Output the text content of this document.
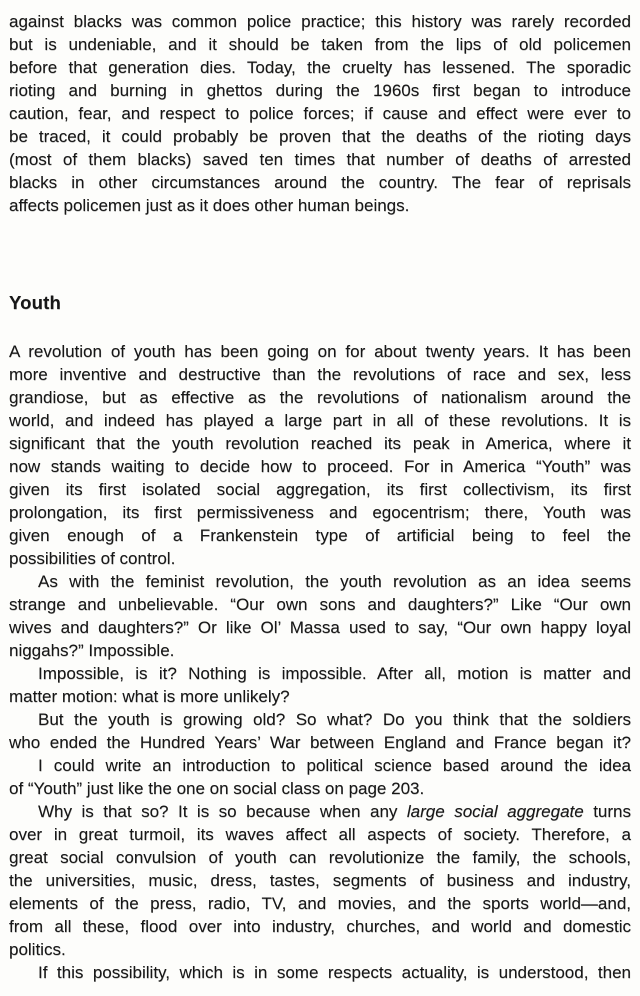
against blacks was common police practice; this history was rarely recorded
but is undeniable, and it should be taken from the lips of old policemen
before that generation dies. Today, the cruelty has lessened. The sporadic
rioting and burning in ghettos during the 1960s first began to introduce
caution, fear, and respect to police forces; if cause and effect were ever to
be traced, it could probably be proven that the deaths of the rioting days
(most of them blacks) saved ten times that number of deaths of arrested
blacks in other circumstances around the country. The fear of reprisals
affects policemen just as it does other human beings.
Youth
A revolution of youth has been going on for about twenty years. It has been
more inventive and destructive than the revolutions of race and sex, less
grandiose, but as effective as the revolutions of nationalism around the
world, and indeed has played a large part in all of these revolutions. It is
significant that the youth revolution reached its peak in America, where it
now stands waiting to decide how to proceed. For in America “Youth” was
given its first isolated social aggregation, its first collectivism, its first
prolongation, its first permissiveness and egocentrism; there, Youth was
given enough of a Frankenstein type of artificial being to feel the
possibilities of control.
As with the feminist revolution, the youth revolution as an idea seems
strange and unbelievable. “Our own sons and daughters?” Like “Our own
wives and daughters?” Or like Ol’ Massa used to say, “Our own happy loyal
niggahs?” Impossible.
Impossible, is it? Nothing is impossible. After all, motion is matter and
matter motion: what is more unlikely?
But the youth is growing old? So what? Do you think that the soldiers
who ended the Hundred Years’ War between England and France began it?
I could write an introduction to political science based around the idea
of “Youth” just like the one on social class on page 203.
Why is that so? It is so because when any large social aggregate turns
over in great turmoil, its waves affect all aspects of society. Therefore, a
great social convulsion of youth can revolutionize the family, the schools,
the universities, music, dress, tastes, segments of business and industry,
elements of the press, radio, TV, and movies, and the sports world—and,
from all these, flood over into industry, churches, and world and domestic
politics.
If this possibility, which is in some respects actuality, is understood, then
